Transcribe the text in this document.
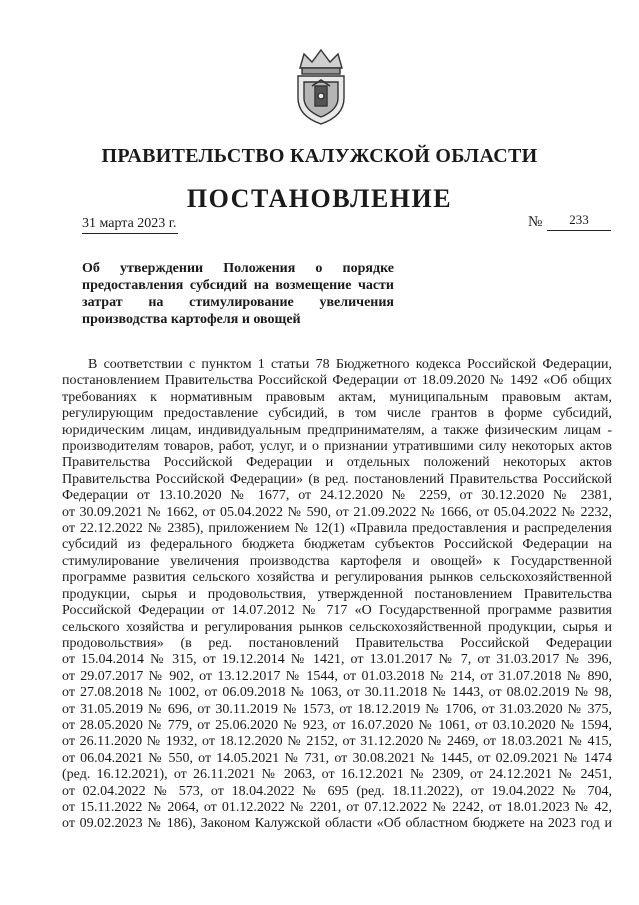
ПРАВИТЕЛЬСТВО КАЛУЖСКОЙ ОБЛАСТИ
ПОСТАНОВЛЕНИЕ
31 марта 2023 г.	№	233
Об утверждении Положения о порядке
предоставления субсидий на возмещение части
затрат на стимулирование увеличения
производства картофеля и овощей
В соответствии с пунктом 1 статьи 78 Бюджетного кодекса Российской Федерации,
постановлением Правительства Российской Федерации от 18.09.2020 № 1492 «Об общих
требованиях к нормативным правовым актам, муниципальным правовым актам,
регулирующим предоставление субсидий, в том числе грантов в форме субсидий,
юридическим лицам, индивидуальным предпринимателям, а также физическим лицам -
производителям товаров, работ, услуг, и о признании утратившими силу некоторых актов
Правительства Российской Федерации и отдельных положений некоторых актов
Правительства Российской Федерации» (в ред. постановлений Правительства Российской
Федерации от 13.10.2020 № 1677, от 24.12.2020 № 2259, от 30.12.2020 № 2381,
от 30.09.2021 № 1662, от 05.04.2022 № 590, от 21.09.2022 № 1666, от 05.04.2022 № 2232,
от 22.12.2022 № 2385), приложением № 12(1) «Правила предоставления и распределения
субсидий из федерального бюджета бюджетам субъектов Российской Федерации на
стимулирование увеличения производства картофеля и овощей» к Государственной
программе развития сельского хозяйства и регулирования рынков сельскохозяйственной
продукции, сырья и продовольствия, утвержденной постановлением Правительства
Российской Федерации от 14.07.2012 № 717 «О Государственной программе развития
сельского хозяйства и регулирования рынков сельскохозяйственной продукции, сырья и
продовольствия» (в ред. постановлений Правительства Российской Федерации
от 15.04.2014 № 315, от 19.12.2014 № 1421, от 13.01.2017 № 7, от 31.03.2017 № 396,
от 29.07.2017 № 902, от 13.12.2017 № 1544, от 01.03.2018 № 214, от 31.07.2018 № 890,
от 27.08.2018 № 1002, от 06.09.2018 № 1063, от 30.11.2018 № 1443, от 08.02.2019 № 98,
от 31.05.2019 № 696, от 30.11.2019 № 1573, от 18.12.2019 № 1706, от 31.03.2020 № 375,
от 28.05.2020 № 779, от 25.06.2020 № 923, от 16.07.2020 № 1061, от 03.10.2020 № 1594,
от 26.11.2020 № 1932, от 18.12.2020 № 2152, от 31.12.2020 № 2469, от 18.03.2021 № 415,
от 06.04.2021 № 550, от 14.05.2021 № 731, от 30.08.2021 № 1445, от 02.09.2021 № 1474
(ред. 16.12.2021), от 26.11.2021 № 2063, от 16.12.2021 № 2309, от 24.12.2021 № 2451,
от 02.04.2022 № 573, от 18.04.2022 № 695 (ред. 18.11.2022), от 19.04.2022 № 704,
от 15.11.2022 № 2064, от 01.12.2022 № 2201, от 07.12.2022 № 2242, от 18.01.2023 № 42,
от 09.02.2023 № 186), Законом Калужской области «Об областном бюджете на 2023 год и
